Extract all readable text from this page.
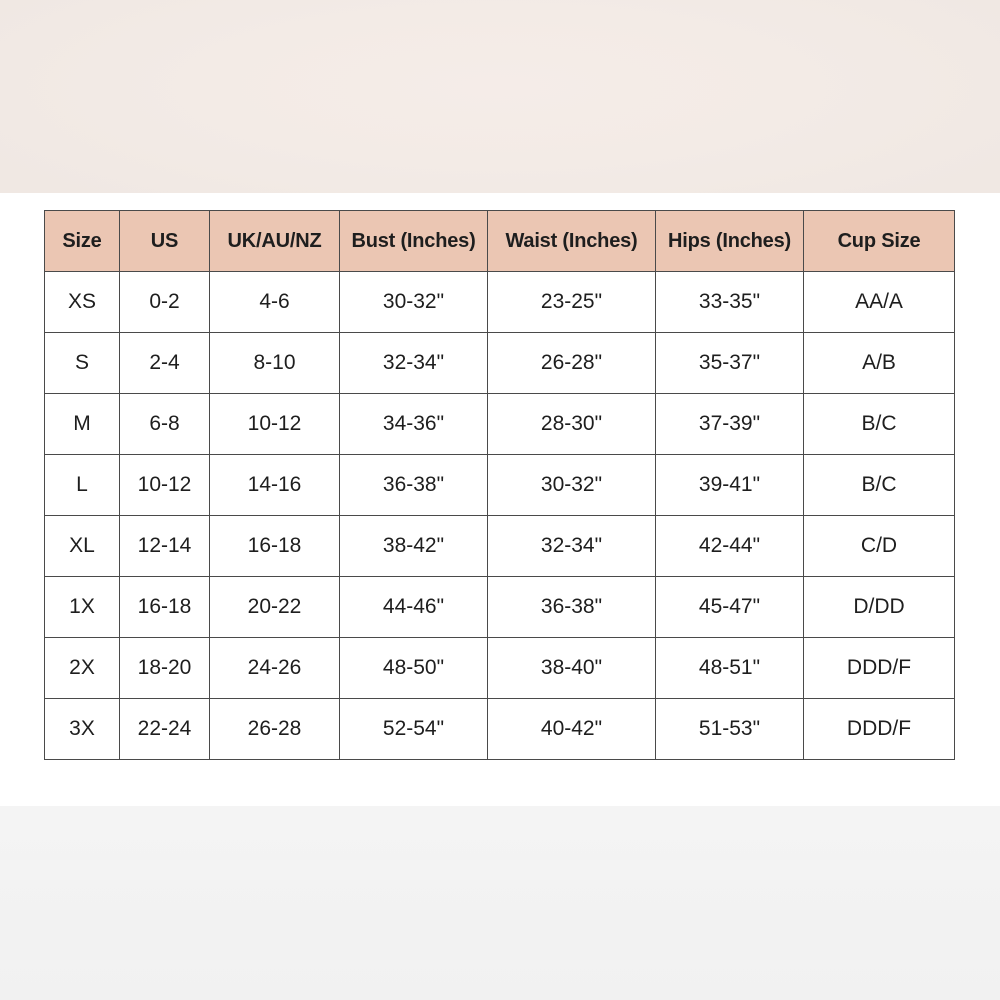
Size	US	UK/AU/NZ	Bust (Inches)	Waist (Inches)	Hips (Inches)	Cup Size
XS	0-2	4-6	30-32"	23-25"	33-35"	AA/A
S	2-4	8-10	32-34"	26-28"	35-37"	A/B
M	6-8	10-12	34-36"	28-30"	37-39"	B/C
L	10-12	14-16	36-38"	30-32"	39-41"	B/C
XL	12-14	16-18	38-42"	32-34"	42-44"	C/D
1X	16-18	20-22	44-46"	36-38"	45-47"	D/DD
2X	18-20	24-26	48-50"	38-40"	48-51"	DDD/F
3X	22-24	26-28	52-54"	40-42"	51-53"	DDD/F
